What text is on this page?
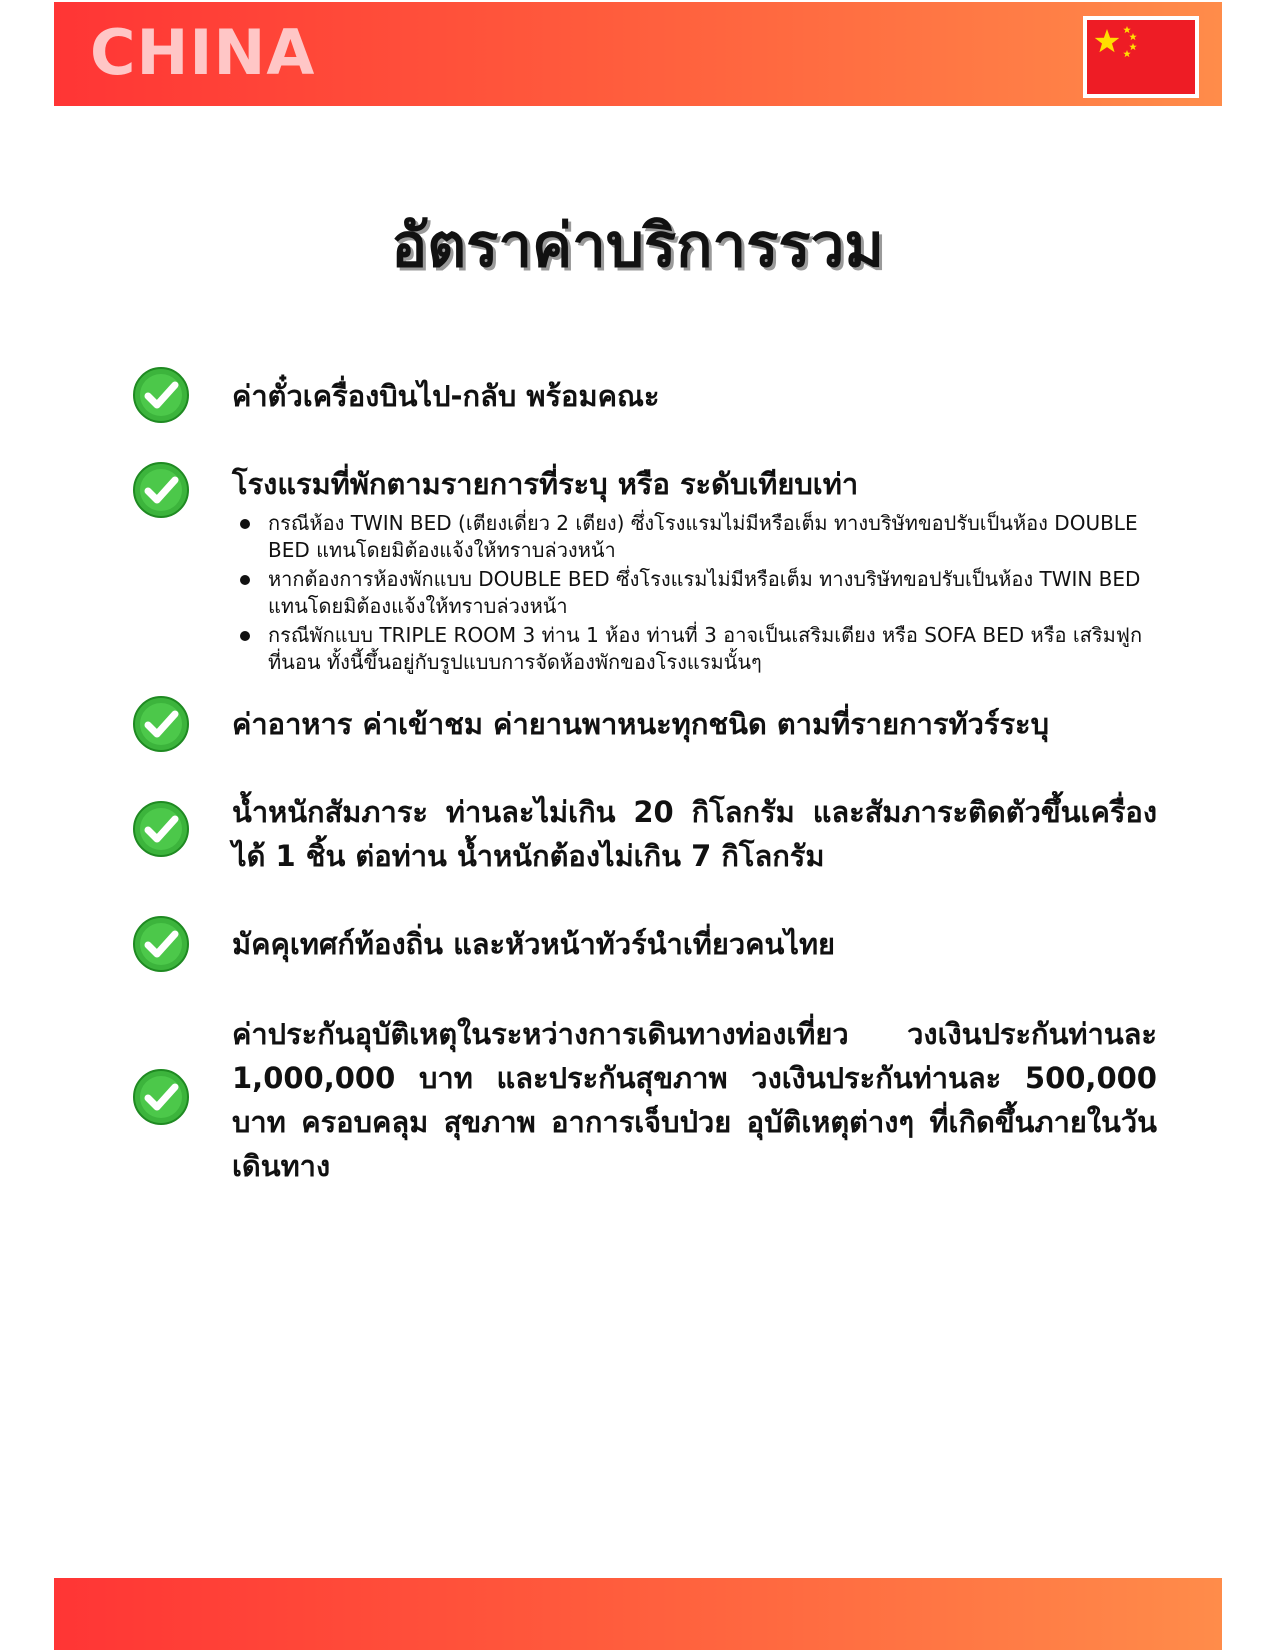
CHINA
อัตราค่าบริการรวม
ค่าตั๋วเครื่องบินไป-กลับ พร้อมคณะ
โรงแรมที่พักตามรายการที่ระบุ หรือ ระดับเทียบเท่า
กรณีห้อง TWIN BED (เตียงเดี่ยว 2 เตียง) ซึ่งโรงแรมไม่มีหรือเต็ม ทางบริษัทขอปรับเป็นห้อง DOUBLE BED แทนโดยมิต้องแจ้งให้ทราบล่วงหน้า
หากต้องการห้องพักแบบ DOUBLE BED ซึ่งโรงแรมไม่มีหรือเต็ม ทางบริษัทขอปรับเป็นห้อง TWIN BED แทนโดยมิต้องแจ้งให้ทราบล่วงหน้า
กรณีพักแบบ TRIPLE ROOM 3 ท่าน 1 ห้อง ท่านที่ 3 อาจเป็นเสริมเตียง หรือ SOFA BED หรือ เสริมฟูกที่นอน ทั้งนี้ขึ้นอยู่กับรูปแบบการจัดห้องพักของโรงแรมนั้นๆ
ค่าอาหาร ค่าเข้าชม ค่ายานพาหนะทุกชนิด ตามที่รายการทัวร์ระบุ
น้ำหนักสัมภาระ ท่านละไม่เกิน 20 กิโลกรัม และสัมภาระติดตัวขึ้นเครื่องได้ 1 ชิ้น ต่อท่าน น้ำหนักต้องไม่เกิน 7 กิโลกรัม
มัคคุเทศก์ท้องถิ่น และหัวหน้าทัวร์นำเที่ยวคนไทย
ค่าประกันอุบัติเหตุในระหว่างการเดินทางท่องเที่ยว วงเงินประกันท่านละ 1,000,000 บาท และประกันสุขภาพ วงเงินประกันท่านละ 500,000 บาท ครอบคลุม สุขภาพ อาการเจ็บป่วย อุบัติเหตุต่างๆ ที่เกิดขึ้นภายในวันเดินทาง
